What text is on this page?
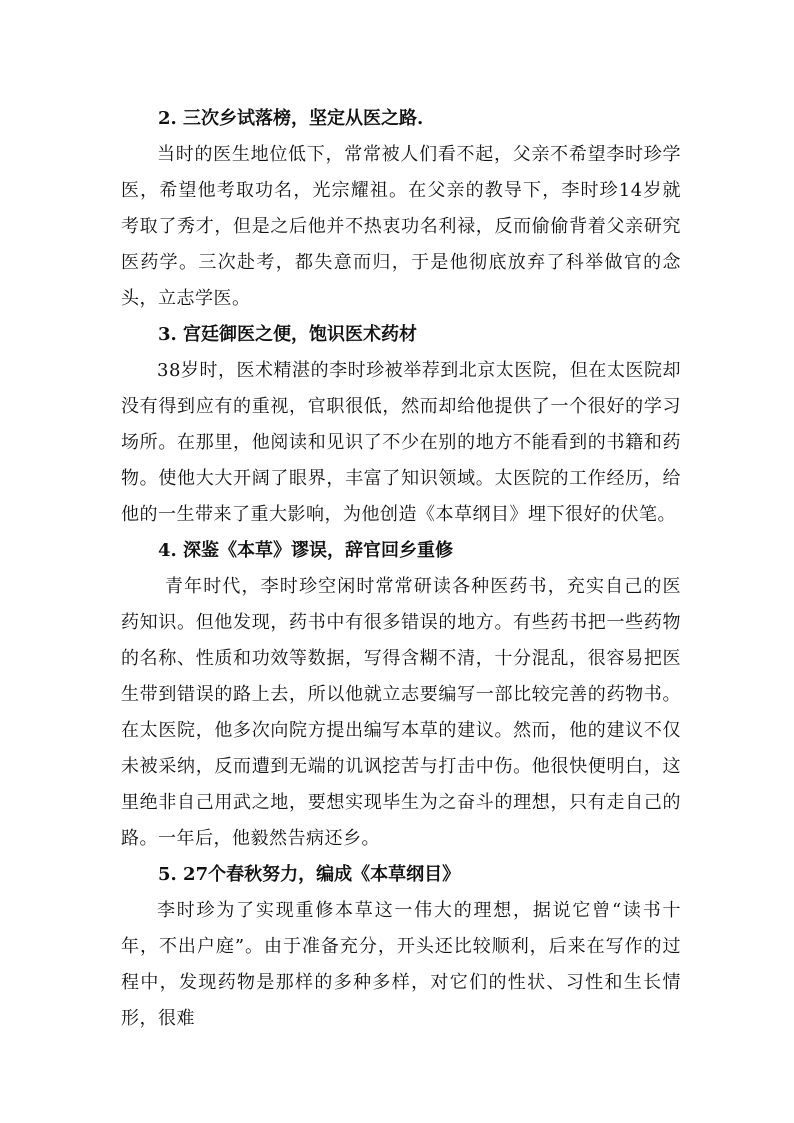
2. 三次乡试落榜，坚定从医之路.

当时的医生地位低下，常常被人们看不起，父亲不希望李时珍学医，希望他考取功名，光宗耀祖。在父亲的教导下，李时珍14岁就考取了秀才，但是之后他并不热衷功名利禄，反而偷偷背着父亲研究医药学。三次赴考，都失意而归，于是他彻底放弃了科举做官的念头，立志学医。

3. 宫廷御医之便，饱识医术药材

38岁时，医术精湛的李时珍被举荐到北京太医院，但在太医院却没有得到应有的重视，官职很低，然而却给他提供了一个很好的学习场所。在那里，他阅读和见识了不少在别的地方不能看到的书籍和药物。使他大大开阔了眼界，丰富了知识领域。太医院的工作经历，给他的一生带来了重大影响，为他创造《本草纲目》埋下很好的伏笔。

4. 深鉴《本草》谬误，辞官回乡重修

青年时代，李时珍空闲时常常研读各种医药书，充实自己的医药知识。但他发现，药书中有很多错误的地方。有些药书把一些药物的名称、性质和功效等数据，写得含糊不清，十分混乱，很容易把医生带到错误的路上去，所以他就立志要编写一部比较完善的药物书。在太医院，他多次向院方提出编写本草的建议。然而，他的建议不仅未被采纳，反而遭到无端的讥讽挖苦与打击中伤。他很快便明白，这里绝非自己用武之地，要想实现毕生为之奋斗的理想，只有走自己的路。一年后，他毅然告病还乡。

5. 27个春秋努力，编成《本草纲目》

李时珍为了实现重修本草这一伟大的理想，据说它曾“读书十年，不出户庭”。由于准备充分，开头还比较顺利，后来在写作的过程中，发现药物是那样的多种多样，对它们的性状、习性和生长情形，很难
